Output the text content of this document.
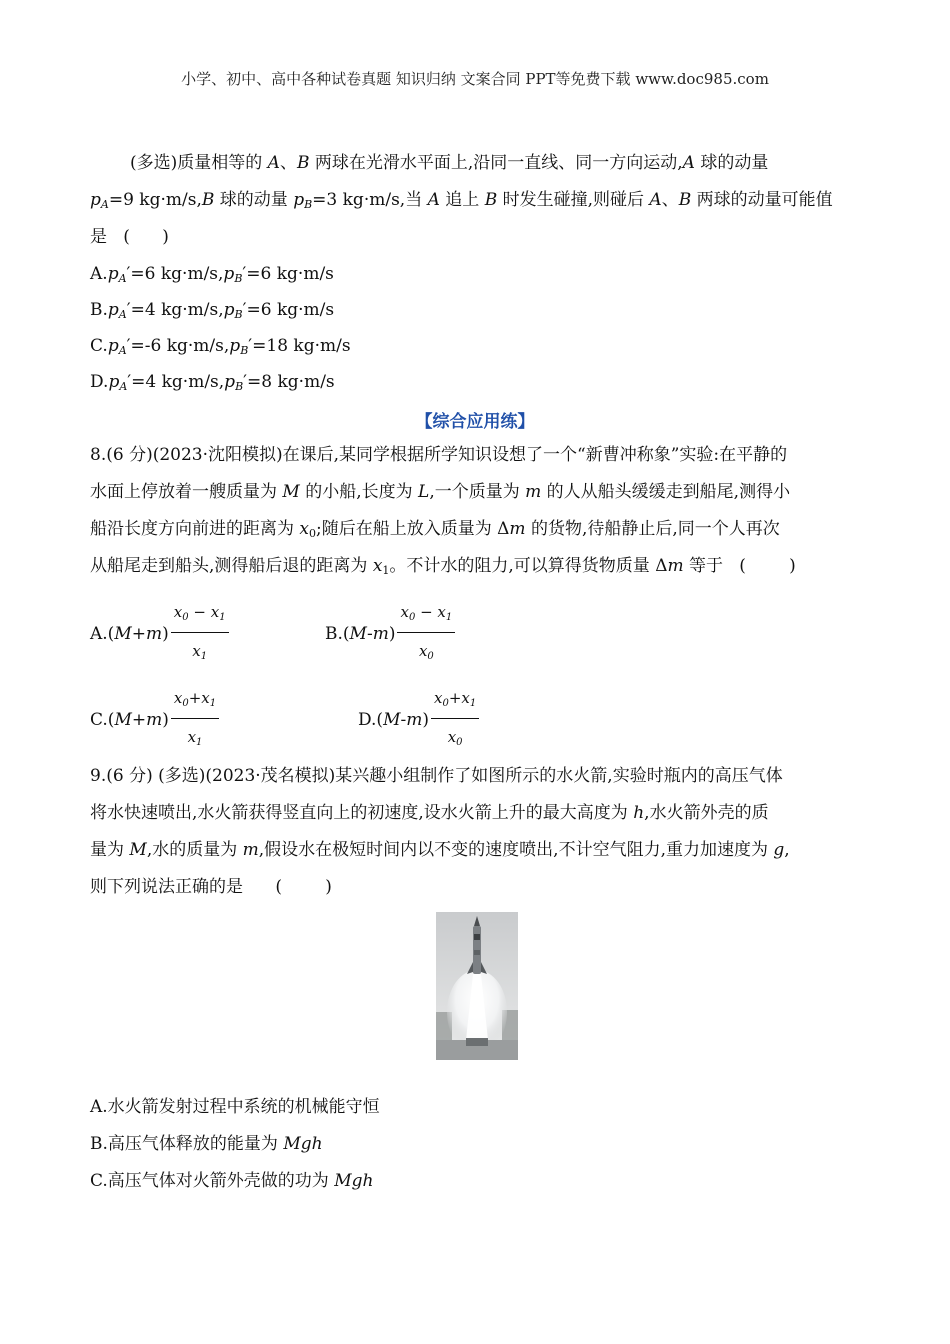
小学、初中、高中各种试卷真题 知识归纳 文案合同 PPT等免费下载 www.doc985.com
(多选)质量相等的 A、B 两球在光滑水平面上,沿同一直线、同一方向运动,A 球的动量
$p_A=9$ kg·m/s,B 球的动量 $p_B=3$ kg·m/s,当 A 追上 B 时发生碰撞,则碰后 A、B 两球的动量可能值
是   (      )
$A.p_A'=6$ $kg\cdot m/s,p_B'=6$ kg·m/s
$B.p_A'=4$ $kg\cdot m/s,p_B'=6$ kg·m/s
$C.p_A'=-6$ $kg\cdot m/s,p_B'=18$ kg·m/s
$D.p_A'=4$ $kg\cdot m/s,p_B'=8$ kg·m/s
【综合应用练】
8.(6 分)(2023·沈阳模拟)在课后,某同学根据所学知识设想了一个“新曹冲称象”实验:在平静的
水面上停放着一艘质量为 M 的小船,长度为 L,一个质量为 m 的人从船头缓缓走到船尾,测得小
船沿长度方向前进的距离为 $x_0$;随后在船上放入质量为 Δm 的货物,待船静止后,同一个人再次
从船尾走到船头,测得船后退的距离为 $x_1$。不计水的阻力,可以算得货物质量 Δm 等于   (        )
$A.(M+m) \frac{x_0 - x_1}{x_1}$	$B.(M-m) \frac{x_0 - x_1}{x_0}$
$C.(M+m) \frac{x_0+x_1}{x_1}$	$D.(M-m) \frac{x_0+x_1}{x_0}$
9.(6 分) (多选)(2023·茂名模拟)某兴趣小组制作了如图所示的水火箭,实验时瓶内的高压气体
将水快速喷出,水火箭获得竖直向上的初速度,设水火箭上升的最大高度为 h,水火箭外壳的质
量为 M,水的质量为 m,假设水在极短时间内以不变的速度喷出,不计空气阻力,重力加速度为 g,
则下列说法正确的是      (        )
A.水火箭发射过程中系统的机械能守恒
B.高压气体释放的能量为 Mgh
C.高压气体对火箭外壳做的功为 Mgh
